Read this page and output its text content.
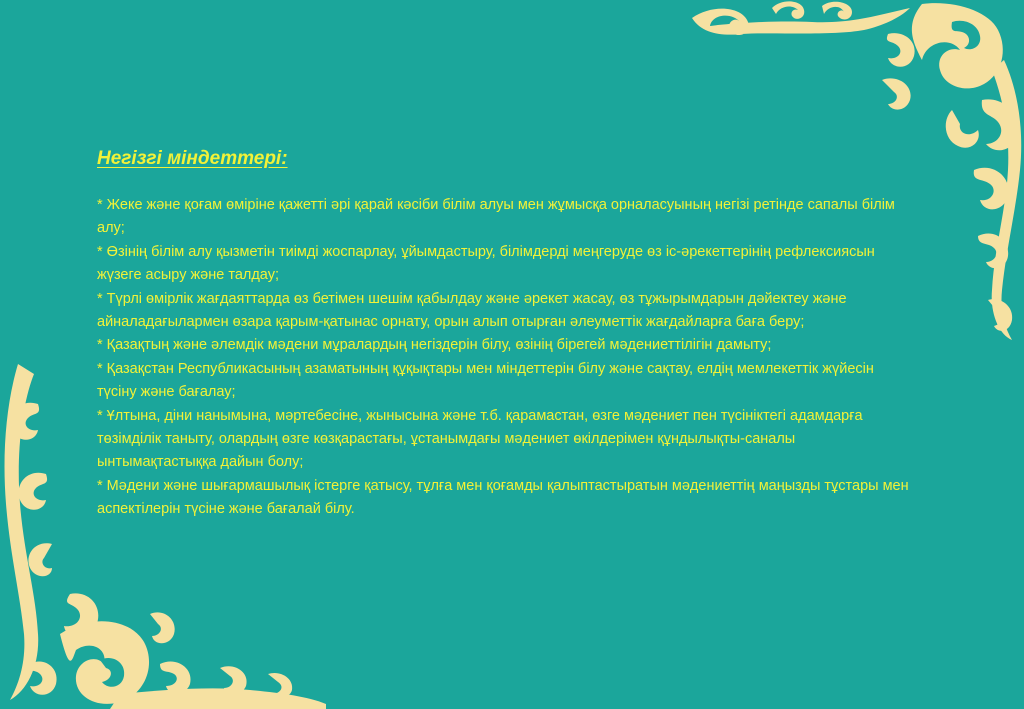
Негізгі міндеттері:
* Жеке және қоғам өміріне қажетті әрі қарай кәсіби білім алуы мен жұмысқа орналасуының негізі ретінде сапалы білім алу;
* Өзінің білім алу қызметін тиімді жоспарлау, ұйымдастыру, білімдерді меңгеруде өз іс-әрекеттерінің рефлексиясын жүзеге асыру және талдау;
* Түрлі өмірлік жағдаяттарда өз бетімен шешім қабылдау және әрекет жасау, өз тұжырымдарын дәйектеу және айналадағылармен өзара қарым-қатынас орнату, орын алып отырған әлеуметтік жағдайларға баға беру;
* Қазақтың және әлемдік мәдени мұралардың негіздерін білу, өзінің бірегей мәдениеттілігін дамыту;
* Қазақстан Республикасының азаматының құқықтары мен міндеттерін білу және сақтау, елдің мемлекеттік жүйесін түсіну және бағалау;
* Ұлтына, діни нанымына, мәртебесіне, жынысына және т.б. қарамастан, өзге мәдениет пен түсініктегі адамдарға төзімділік таныту, олардың өзге көзқарастағы, ұстанымдағы мәдениет өкілдерімен құндылықты-саналы ынтымақтастыққа дайын болу;
* Мәдени және шығармашылық істерге қатысу, тұлға мен қоғамды қалыптастыратын мәдениеттің маңызды тұстары мен аспектілерін түсіне және бағалай білу.
